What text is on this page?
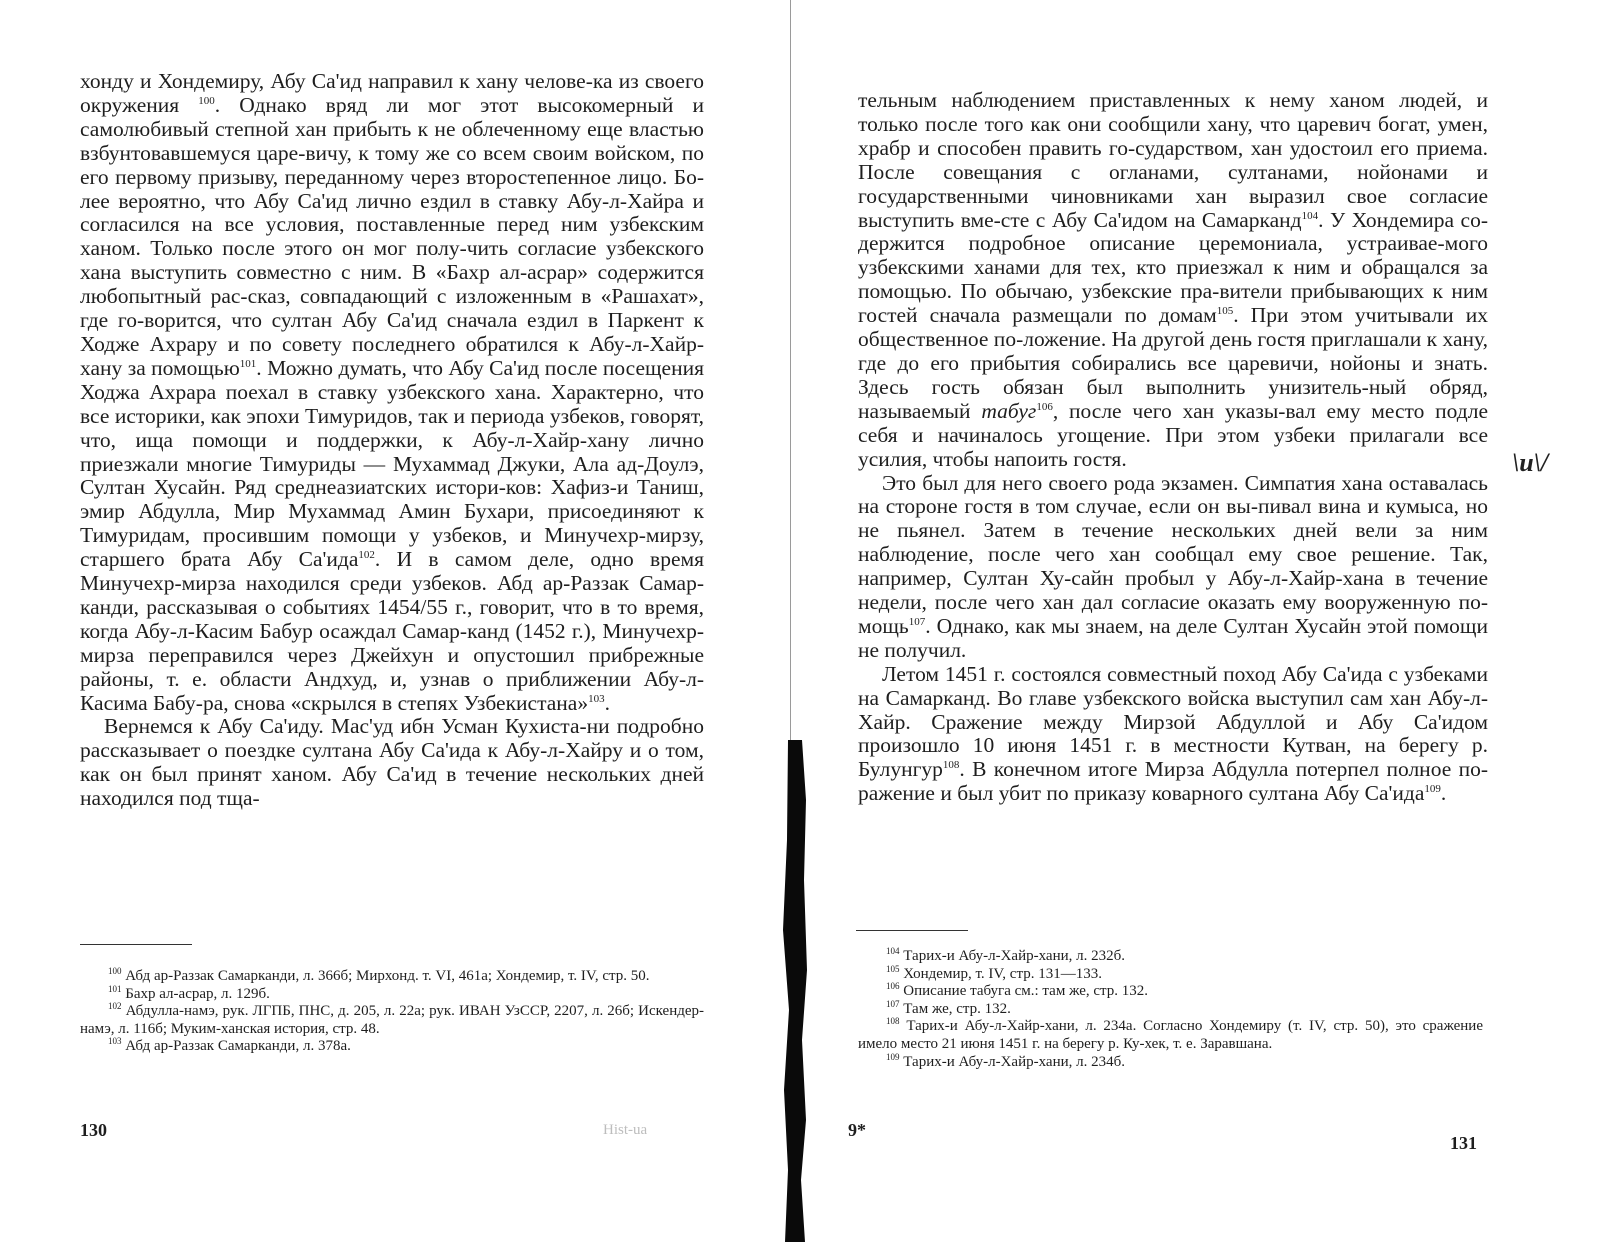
хонду и Хондемиру, Абу Са'ид направил к хану челове-ка из своего окружения $^{100}$. Однако вряд ли мог этот высокомерный и самолюбивый степной хан прибыть к не облеченному еще властью взбунтовавшемуся царе-вичу, к тому же со всем своим войском, по его первому призыву, переданному через второстепенное лицо. Бо-лее вероятно, что Абу Са'ид лично ездил в ставку Абу-л-Хайра и согласился на все условия, поставленные перед ним узбекским ханом. Только после этого он мог полу-чить согласие узбекского хана выступить совместно с ним. В «Бахр ал-асрар» содержится любопытный рас-сказ, совпадающий с изложенным в «Рашахат», где го-ворится, что султан Абу Са'ид сначала ездил в Паркент к Ходже Ахрару и по совету последнего обратился к Абу-л-Хайр-хану за помощью$^{101}$. Можно думать, что Абу Са'ид после посещения Ходжа Ахрара поехал в ставку узбекского хана. Характерно, что все историки, как эпохи Тимуридов, так и периода узбеков, говорят, что, ища помощи и поддержки, к Абу-л-Хайр-хану лично приезжали многие Тимуриды — Мухаммад Джуки, Ала ад-Доулэ, Султан Хусайн. Ряд среднеазиатских истори-ков: Хафиз-и Таниш, эмир Абдулла, Мир Мухаммад Амин Бухари, присоединяют к Тимуридам, просившим помощи у узбеков, и Минучехр-мирзу, старшего брата Абу Са'ида$^{102}$. И в самом деле, одно время Минучехр-мирза находился среди узбеков. Абд ар-Раззак Самар-канди, рассказывая о событиях 1454/55 г., говорит, что в то время, когда Абу-л-Касим Бабур осаждал Самар-канд (1452 г.), Минучехр-мирза переправился через Джейхун и опустошил прибрежные районы, т. е. области Андхуд, и, узнав о приближении Абу-л-Касима Бабу-ра, снова «скрылся в степях Узбекистана»$^{103}$.

Вернемся к Абу Са'иду. Мас'уд ибн Усман Кухиста-ни подробно рассказывает о поездке султана Абу Са'ида к Абу-л-Хайру и о том, как он был принят ханом. Абу Са'ид в течение нескольких дней находился под тща-

$^{100}$ Абд ар-Раззак Самарканди, л. 366б; Мирхонд. т. VI, 461а; Хондемир, т. IV, стр. 50.

$^{101}$ Бахр ал-асрар, л. 129б.

$^{102}$ Абдулла-намэ, рук. ЛГПБ, ПНС, д. 205, л. 22а; рук. ИВАН УзССР, 2207, л. 26б; Искендер-намэ, л. 116б; Муким-ханская история, стр. 48.

$^{103}$ Абд ар-Раззак Самарканди, л. 378а.

130	Hist-ua

тельным наблюдением приставленных к нему ханом людей, и только после того как они сообщили хану, что царевич богат, умен, храбр и способен править го-сударством, хан удостоил его приема. После совещания с огланами, султанами, нойонами и государственными чиновниками хан выразил свое согласие выступить вме-сте с Абу Са'идом на Самарканд$^{104}$. У Хондемира со-держится подробное описание церемониала, устраивае-мого узбекскими ханами для тех, кто приезжал к ним и обращался за помощью. По обычаю, узбекские пра-вители прибывающих к ним гостей сначала размещали по домам$^{105}$. При этом учитывали их общественное по-ложение. На другой день гостя приглашали к хану, где до его прибытия собирались все царевичи, нойоны и знать. Здесь гость обязан был выполнить унизитель-ный обряд, называемый табуг$^{106}$, после чего хан указы-вал ему место подле себя и начиналось угощение. При этом узбеки прилагали все усилия, чтобы напоить гостя.

Это был для него своего рода экзамен. Симпатия хана оставалась на стороне гостя в том случае, если он вы-пивал вина и кумыса, но не пьянел. Затем в течение нескольких дней вели за ним наблюдение, после чего хан сообщал ему свое решение. Так, например, Султан Ху-сайн пробыл у Абу-л-Хайр-хана в течение недели, после чего хан дал согласие оказать ему вооруженную по-мощь$^{107}$. Однако, как мы знаем, на деле Султан Хусайн этой помощи не получил.

Летом 1451 г. состоялся совместный поход Абу Са'ида с узбеками на Самарканд. Во главе узбекского войска выступил сам хан Абу-л-Хайр. Сражение между Мирзой Абдуллой и Абу Са'идом произошло 10 июня 1451 г. в местности Кутван, на берегу р. Булунгур$^{108}$. В конечном итоге Мирза Абдулла потерпел полное по-ражение и был убит по приказу коварного султана Абу Са'ида$^{109}$.

$^{104}$ Тарих-и Абу-л-Хайр-хани, л. 232б.

$^{105}$ Хондемир, т. IV, стр. 131—133.

$^{106}$ Описание табуга см.: там же, стр. 132.

$^{107}$ Там же, стр. 132.

$^{108}$ Тарих-и Абу-л-Хайр-хани, л. 234а. Согласно Хондемиру (т. IV, стр. 50), это сражение имело место 21 июня 1451 г. на берегу р. Ку-хек, т. е. Заравшана.

$^{109}$ Тарих-и Абу-л-Хайр-хани, л. 234б.

9*
131
\u\/
